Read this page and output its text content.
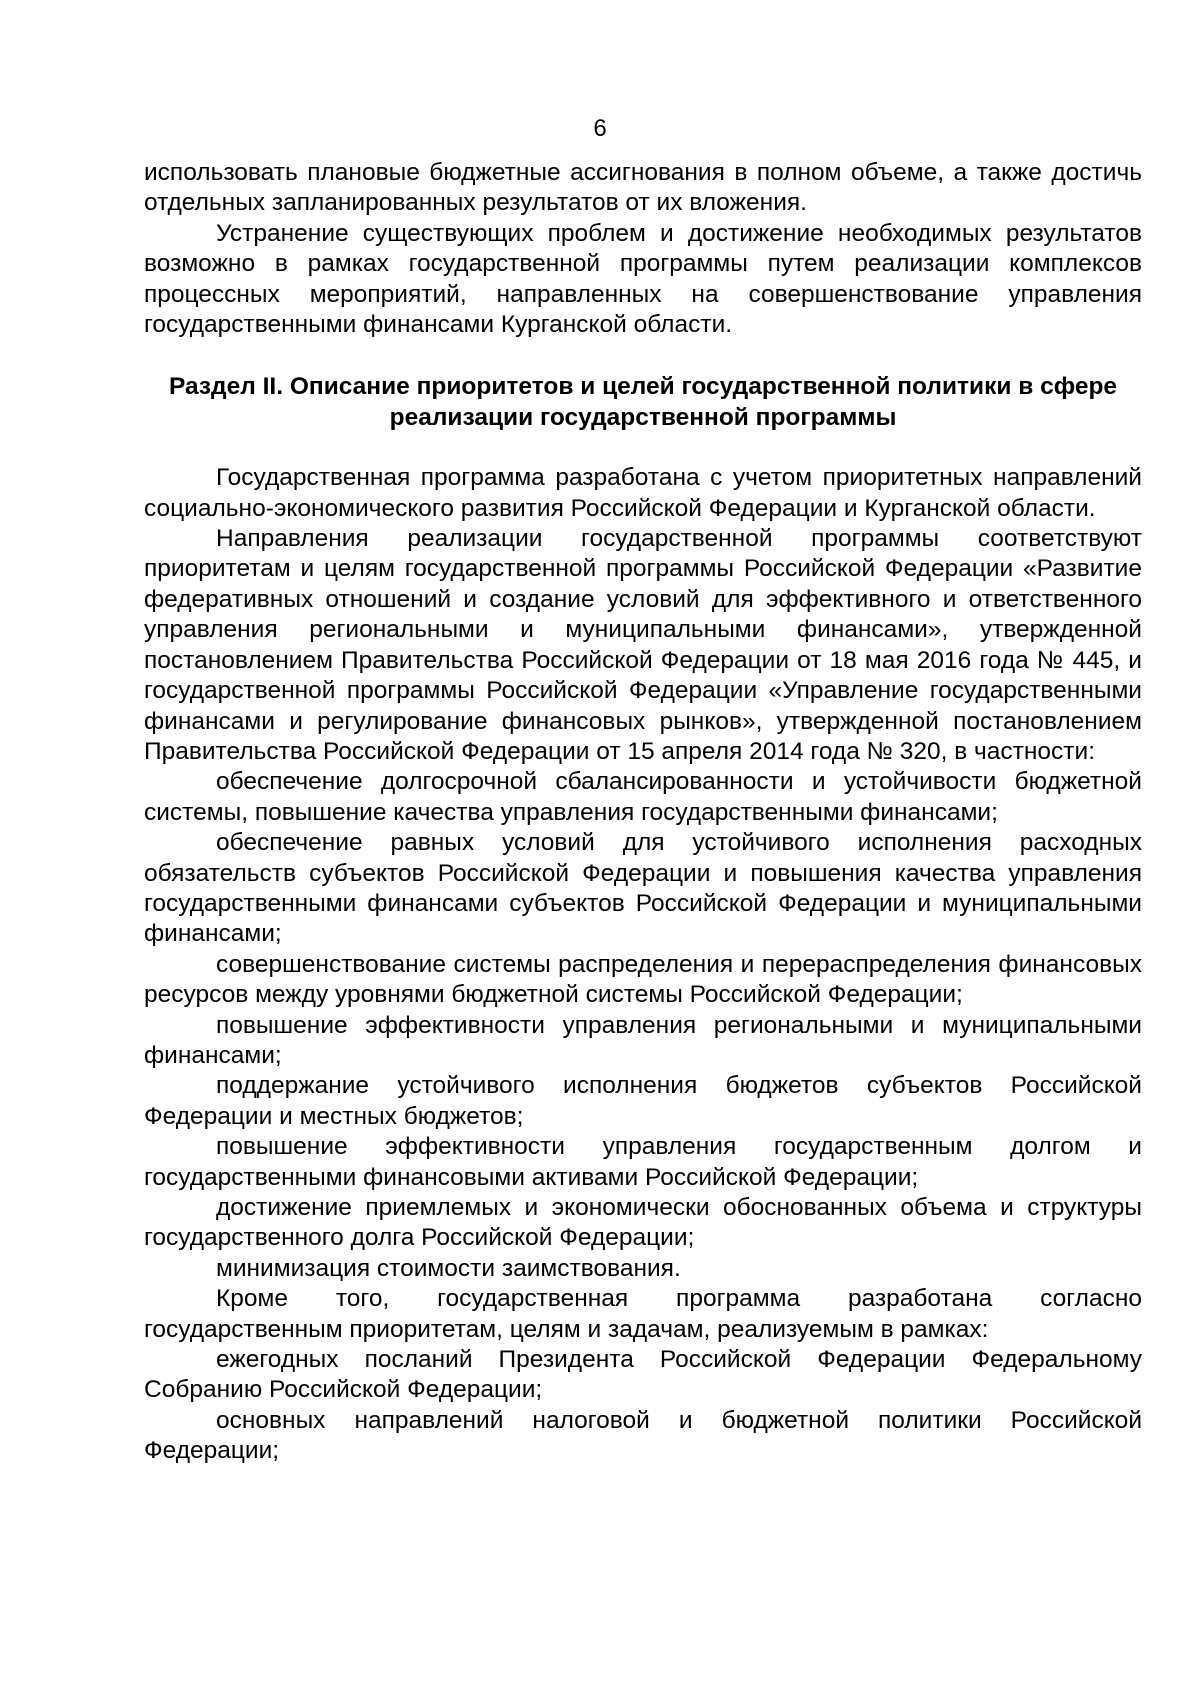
6

использовать плановые бюджетные ассигнования в полном объеме, а также достичь отдельных запланированных результатов от их вложения.

Устранение существующих проблем и достижение необходимых результатов возможно в рамках государственной программы путем реализации комплексов процессных мероприятий, направленных на совершенствование управления государственными финансами Курганской области.

Раздел II. Описание приоритетов и целей государственной политики в сфере реализации государственной программы

Государственная программа разработана с учетом приоритетных направлений социально-экономического развития Российской Федерации и Курганской области.

Направления реализации государственной программы соответствуют приоритетам и целям государственной программы Российской Федерации «Развитие федеративных отношений и создание условий для эффективного и ответственного управления региональными и муниципальными финансами», утвержденной постановлением Правительства Российской Федерации от 18 мая 2016 года № 445, и государственной программы Российской Федерации «Управление государственными финансами и регулирование финансовых рынков», утвержденной постановлением Правительства Российской Федерации от 15 апреля 2014 года № 320, в частности:

обеспечение долгосрочной сбалансированности и устойчивости бюджетной системы, повышение качества управления государственными финансами;

обеспечение равных условий для устойчивого исполнения расходных обязательств субъектов Российской Федерации и повышения качества управления государственными финансами субъектов Российской Федерации и муниципальными финансами;

совершенствование системы распределения и перераспределения финансовых ресурсов между уровнями бюджетной системы Российской Федерации;

повышение эффективности управления региональными и муниципальными финансами;

поддержание устойчивого исполнения бюджетов субъектов Российской Федерации и местных бюджетов;

повышение эффективности управления государственным долгом и государственными финансовыми активами Российской Федерации;

достижение приемлемых и экономически обоснованных объема и структуры государственного долга Российской Федерации;

минимизация стоимости заимствования.

Кроме того, государственная программа разработана согласно государственным приоритетам, целям и задачам, реализуемым в рамках:

ежегодных посланий Президента Российской Федерации Федеральному Собранию Российской Федерации;

основных направлений налоговой и бюджетной политики Российской Федерации;
